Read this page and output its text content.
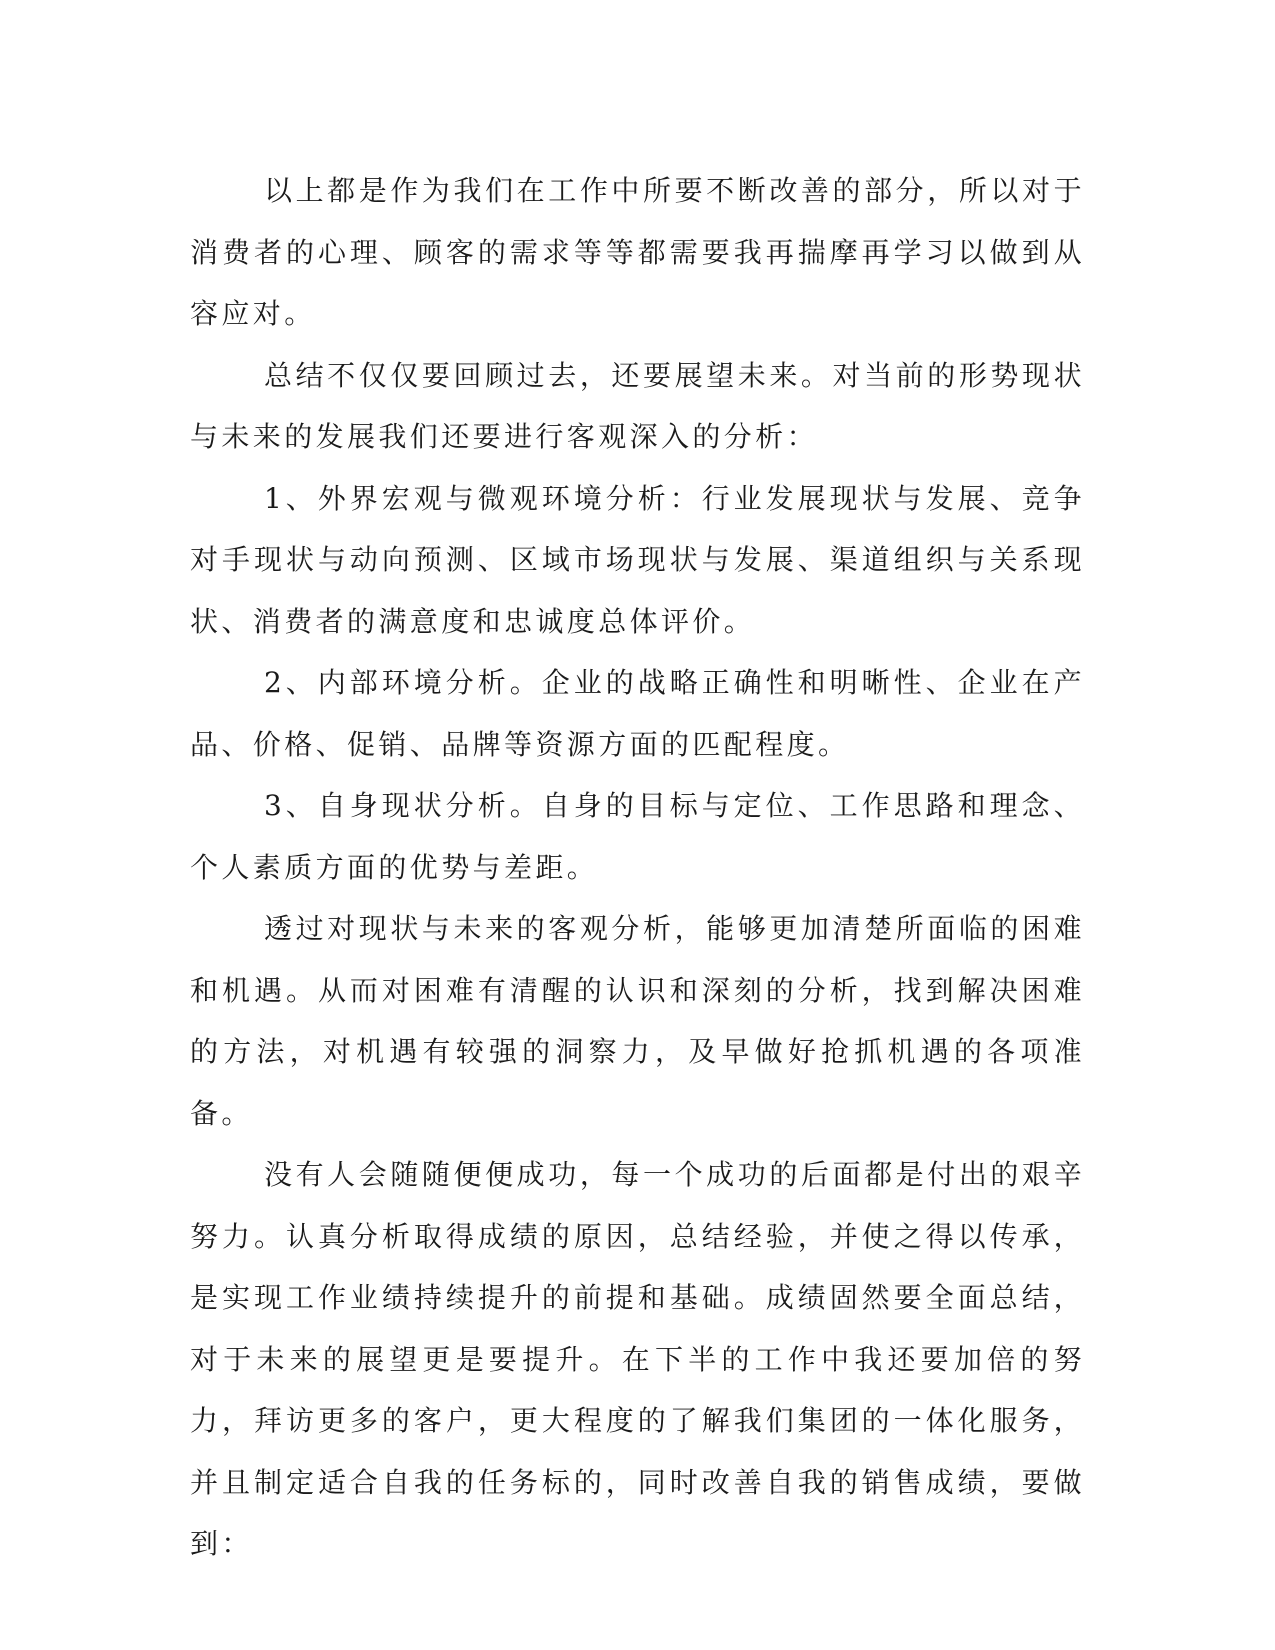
以上都是作为我们在工作中所要不断改善的部分，所以对于消费者的心理、顾客的需求等等都需要我再揣摩再学习以做到从容应对。

总结不仅仅要回顾过去，还要展望未来。对当前的形势现状与未来的发展我们还要进行客观深入的分析：

1、外界宏观与微观环境分析：行业发展现状与发展、竞争对手现状与动向预测、区域市场现状与发展、渠道组织与关系现状、消费者的满意度和忠诚度总体评价。

2、内部环境分析。企业的战略正确性和明晰性、企业在产品、价格、促销、品牌等资源方面的匹配程度。

3、自身现状分析。自身的目标与定位、工作思路和理念、个人素质方面的优势与差距。

透过对现状与未来的客观分析，能够更加清楚所面临的困难和机遇。从而对困难有清醒的认识和深刻的分析，找到解决困难的方法，对机遇有较强的洞察力，及早做好抢抓机遇的各项准备。

没有人会随随便便成功，每一个成功的后面都是付出的艰辛努力。认真分析取得成绩的原因，总结经验，并使之得以传承，是实现工作业绩持续提升的前提和基础。成绩固然要全面总结，对于未来的展望更是要提升。在下半的工作中我还要加倍的努力，拜访更多的客户，更大程度的了解我们集团的一体化服务，并且制定适合自我的任务标的，同时改善自我的销售成绩，要做到：
